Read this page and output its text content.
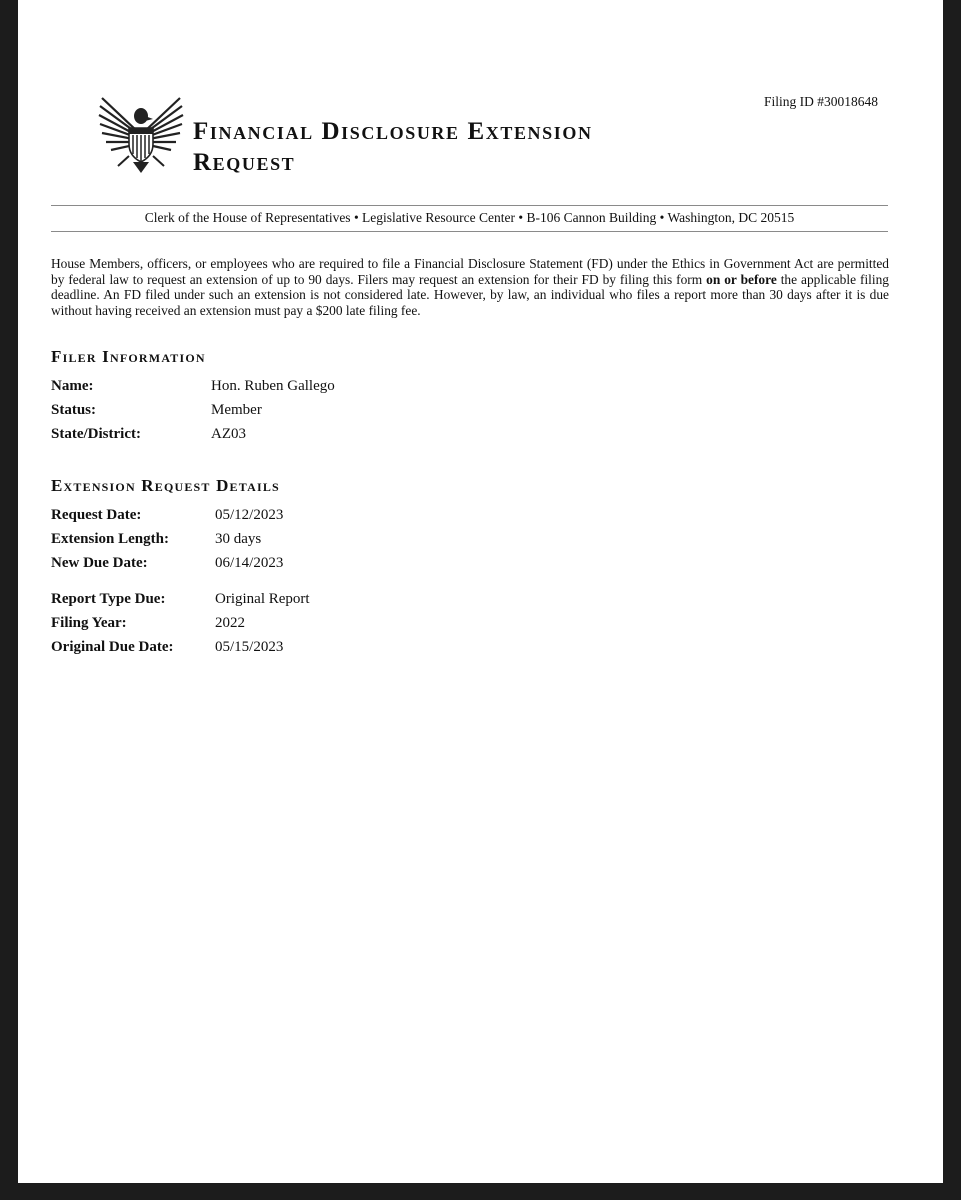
Filing ID #30018648
Financial Disclosure Extension
Request
Clerk of the House of Representatives • Legislative Resource Center • B-106 Cannon Building • Washington, DC 20515

House Members, officers, or employees who are required to file a Financial Disclosure Statement (FD) under the Ethics in Government Act are permitted by federal law to request an extension of up to 90 days. Filers may request an extension for their FD by filing this form on or before the applicable filing deadline. An FD filed under such an extension is not considered late. However, by law, an individual who files a report more than 30 days after it is due without having received an extension must pay a $200 late filing fee.

Filer Information
Name:	Hon. Ruben Gallego
Status:	Member
State/District:	AZ03
Extension Request Details
Request Date:	05/12/2023
Extension Length:	30 days
New Due Date:	06/14/2023
Report Type Due:	Original Report
Filing Year:	2022
Original Due Date:	05/15/2023
